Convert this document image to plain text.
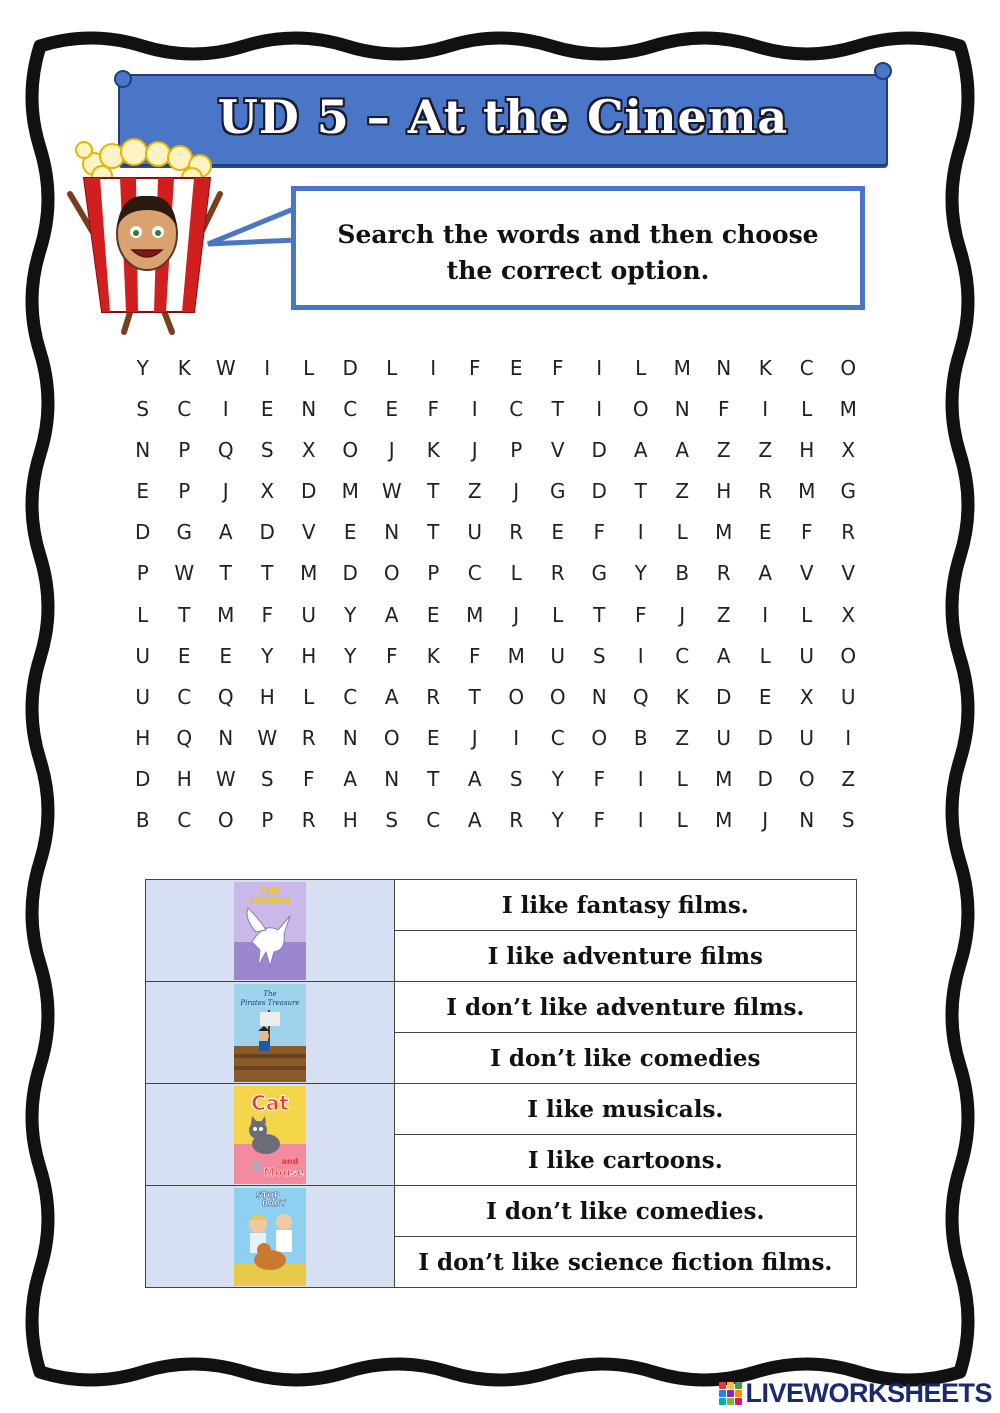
UD 5 – At the Cinema
Search the words and then choose the correct option.
Y	K	W	I	L	D	L	I	F	E	F	I	L	M	N	K	C	O
S	C	I	E	N	C	E	F	I	C	T	I	O	N	F	I	L	M
N	P	Q	S	X	O	J	K	J	P	V	D	A	A	Z	Z	H	X
E	P	J	X	D	M	W	T	Z	J	G	D	T	Z	H	R	M	G
D	G	A	D	V	E	N	T	U	R	E	F	I	L	M	E	F	R
P	W	T	T	M	D	O	P	C	L	R	G	Y	B	R	A	V	V
L	T	M	F	U	Y	A	E	M	J	L	T	F	J	Z	I	L	X
U	E	E	Y	H	Y	F	K	F	M	U	S	I	C	A	L	U	O
U	C	Q	H	L	C	A	R	T	O	O	N	Q	K	D	E	X	U
H	Q	N	W	R	N	O	E	J	I	C	O	B	Z	U	D	U	I
D	H	W	S	F	A	N	T	A	S	Y	F	I	L	M	D	O	Z
B	C	O	P	R	H	S	C	A	R	Y	F	I	L	M	J	N	S
THE
LEGEND	I like fantasy films.
	I like adventure films

The
Pirates Treasure	I don’t like adventure films.
	I don’t like comedies

Cat
and
Mouse	I like musicals.
	I like cartoons.

STOP
BABY	I don’t like comedies.
	I don’t like science fiction films.
LIVEWORKSHEETS
